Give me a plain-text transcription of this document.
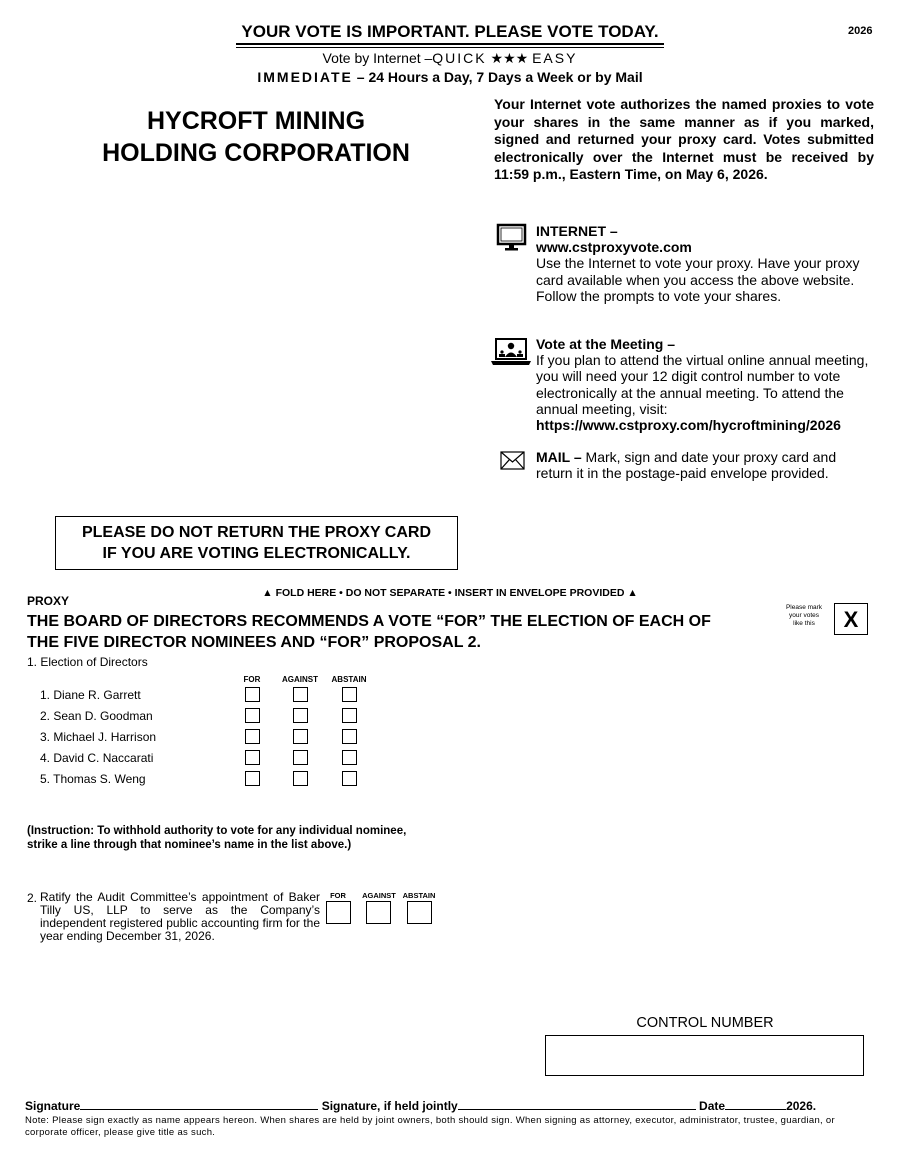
YOUR VOTE IS IMPORTANT. PLEASE VOTE TODAY.	2026
Vote by Internet –QUICK ★★★ EASY
IMMEDIATE – 24 Hours a Day, 7 Days a Week or by Mail
HYCROFT MINING
HOLDING CORPORATION
Your Internet vote authorizes the named proxies to vote your shares in the same manner as if you marked, signed and returned your proxy card. Votes submitted electronically over the Internet must be received by 11:59 p.m., Eastern Time, on May 6, 2026.
INTERNET –
www.cstproxyvote.com
Use the Internet to vote your proxy. Have your proxy card available when you access the above website. Follow the prompts to vote your shares.
Vote at the Meeting –
If you plan to attend the virtual online annual meeting, you will need your 12 digit control number to vote electronically at the annual meeting. To attend the annual meeting, visit:
https://www.cstproxy.com/hycroftmining/2026
MAIL – Mark, sign and date your proxy card and return it in the postage-paid envelope provided.
PLEASE DO NOT RETURN THE PROXY CARD
IF YOU ARE VOTING ELECTRONICALLY.
▲ FOLD HERE • DO NOT SEPARATE • INSERT IN ENVELOPE PROVIDED ▲
PROXY
THE BOARD OF DIRECTORS RECOMMENDS A VOTE “FOR” THE ELECTION OF EACH OF
THE FIVE DIRECTOR NOMINEES AND “FOR” PROPOSAL 2.
Please mark
your votes
like this	X
1. Election of Directors
FOR	AGAINST	ABSTAIN
1. Diane R. Garrett
2. Sean D. Goodman
3. Michael J. Harrison
4. David C. Naccarati
5. Thomas S. Weng
(Instruction: To withhold authority to vote for any individual nominee,
strike a line through that nominee’s name in the list above.)
2. Ratify the Audit Committee’s appointment of Baker Tilly US, LLP to serve as the Company’s independent registered public accounting firm for the year ending December 31, 2026.
FOR	AGAINST ABSTAIN
CONTROL NUMBER
Signature	Signature, if held jointly	Date	2026.
Note: Please sign exactly as name appears hereon. When shares are held by joint owners, both should sign. When signing as attorney, executor, administrator, trustee, guardian, or corporate officer, please give title as such.
